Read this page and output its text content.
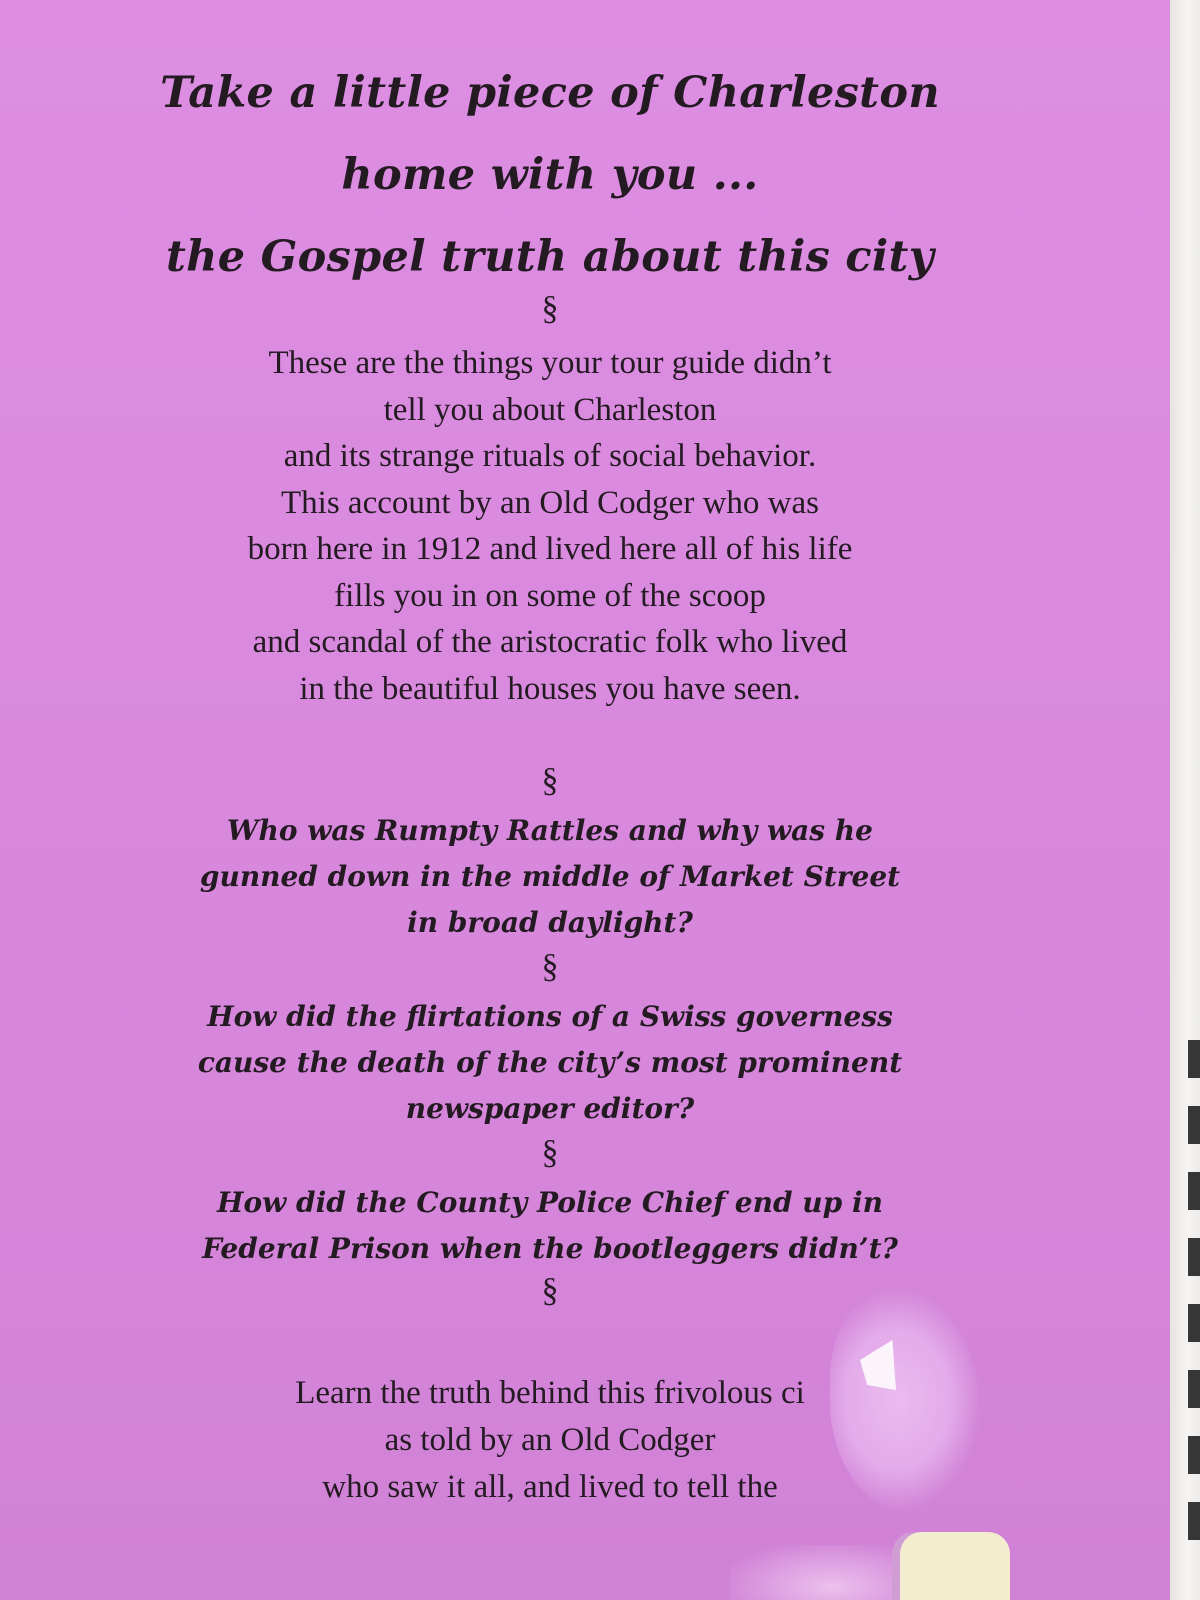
Take a little piece of Charleston
home with you ...
the Gospel truth about this city
§
These are the things your tour guide didn’t
tell you about Charleston
and its strange rituals of social behavior.
This account by an Old Codger who was
born here in 1912 and lived here all of his life
fills you in on some of the scoop
and scandal of the aristocratic folk who lived
in the beautiful houses you have seen.
§
Who was Rumpty Rattles and why was he
gunned down in the middle of Market Street
in broad daylight?
§
How did the flirtations of a Swiss governess
cause the death of the city’s most prominent
newspaper editor?
§
How did the County Police Chief end up in
Federal Prison when the bootleggers didn’t?
§
Learn the truth behind this frivolous ci
as told by an Old Codger
who saw it all, and lived to tell the
